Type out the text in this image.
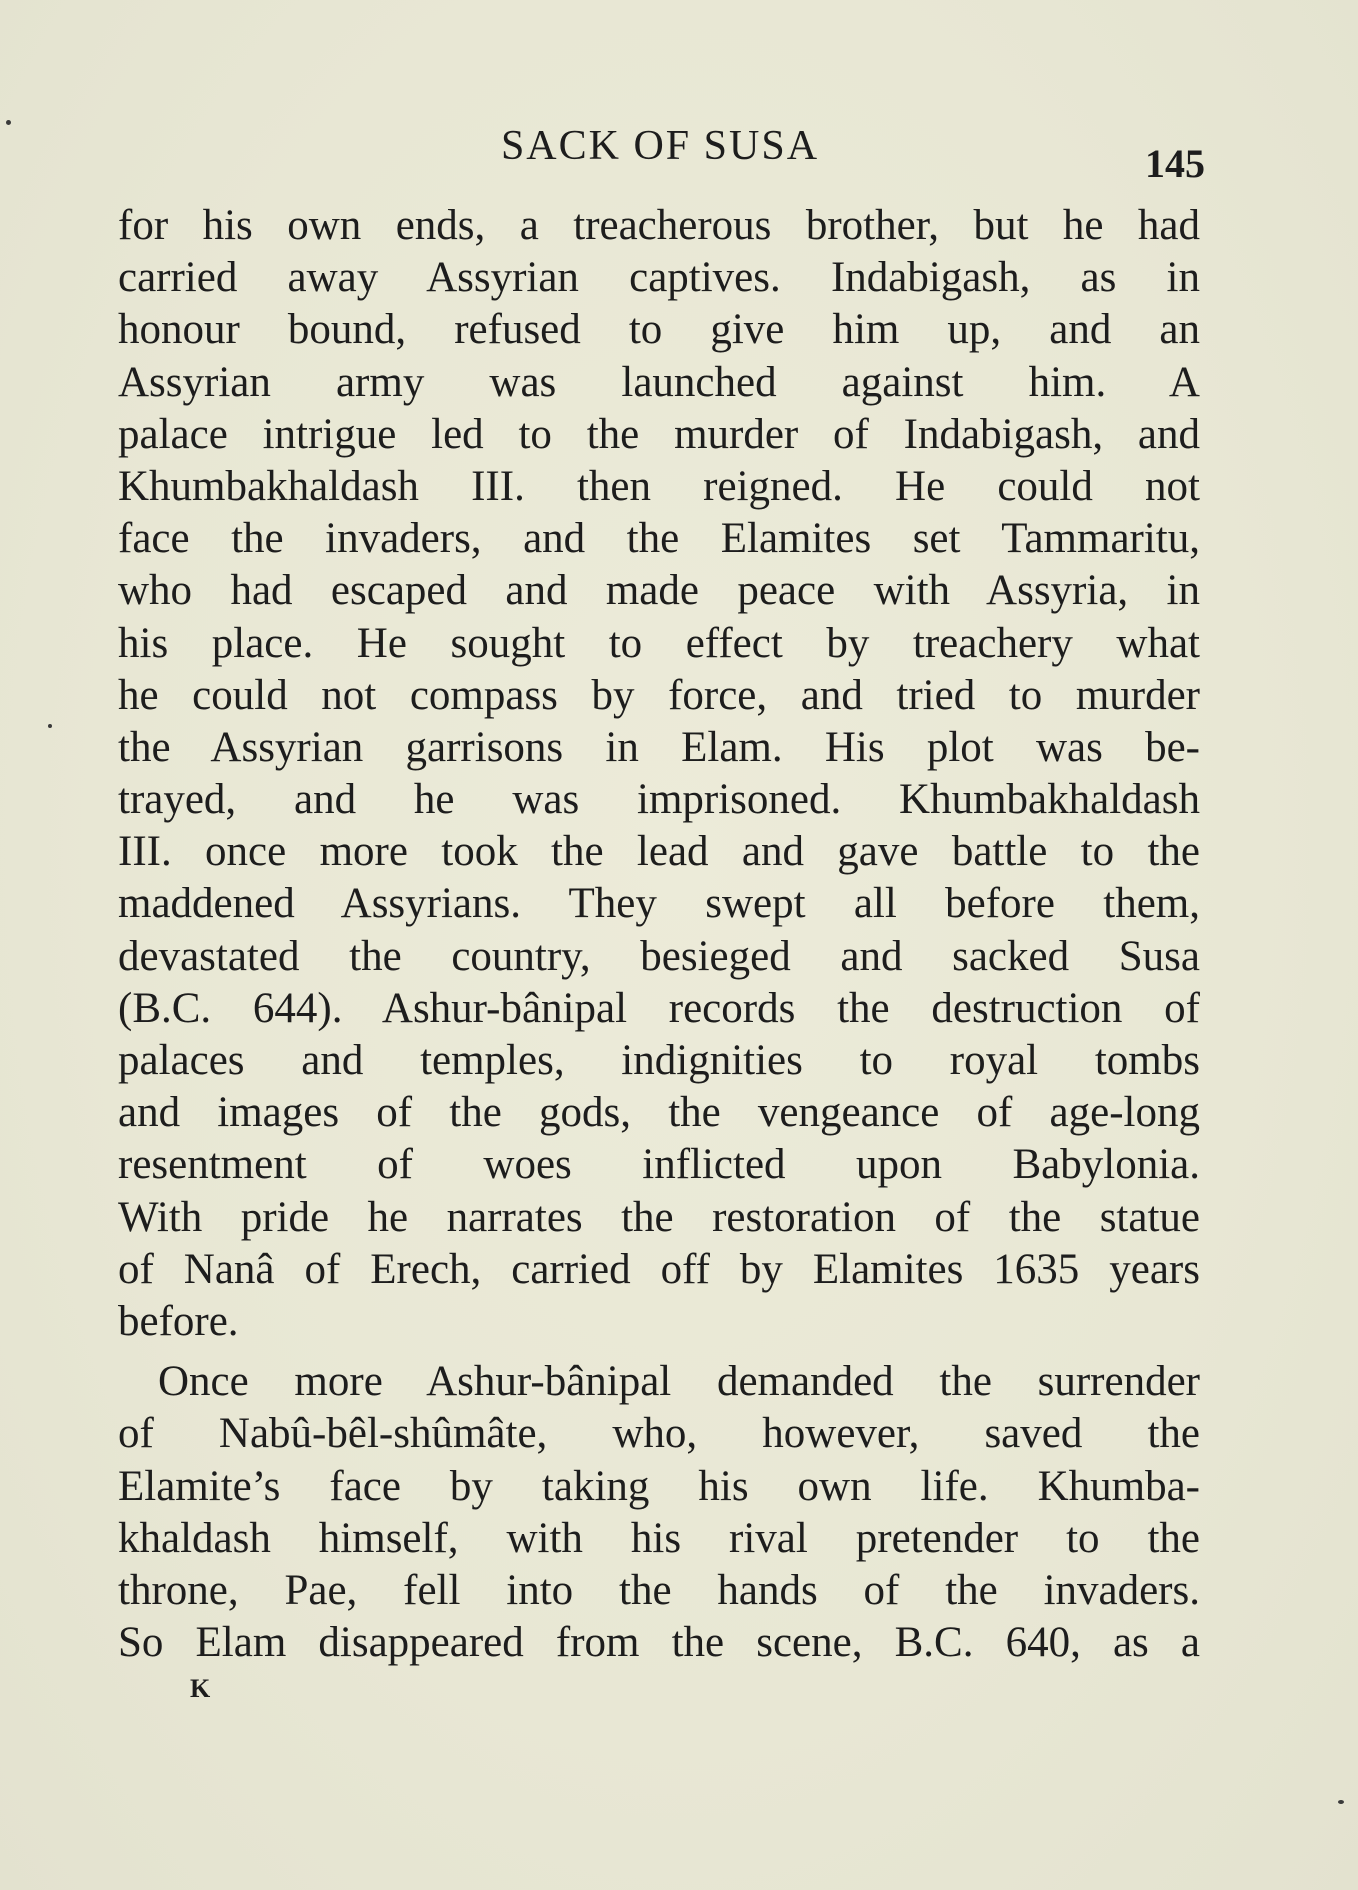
SACK OF SUSA	145
for his own ends, a treacherous brother, but he had
carried away Assyrian captives. Indabigash, as in
honour bound, refused to give him up, and an
Assyrian army was launched against him. A
palace intrigue led to the murder of Indabigash, and
Khumbakhaldash III. then reigned. He could not
face the invaders, and the Elamites set Tammaritu,
who had escaped and made peace with Assyria, in
his place. He sought to effect by treachery what
he could not compass by force, and tried to murder
the Assyrian garrisons in Elam. His plot was be-
trayed, and he was imprisoned. Khumbakhaldash
III. once more took the lead and gave battle to the
maddened Assyrians. They swept all before them,
devastated the country, besieged and sacked Susa
(B.C. 644). Ashur-bânipal records the destruction of
palaces and temples, indignities to royal tombs
and images of the gods, the vengeance of age-long
resentment of woes inflicted upon Babylonia.
With pride he narrates the restoration of the statue
of Nanâ of Erech, carried off by Elamites 1635 years
before.
Once more Ashur-bânipal demanded the surrender
of Nabû-bêl-shûmâte, who, however, saved the
Elamite’s face by taking his own life. Khumba-
khaldash himself, with his rival pretender to the
throne, Pae, fell into the hands of the invaders.
So Elam disappeared from the scene, B.C. 640, as a
K
